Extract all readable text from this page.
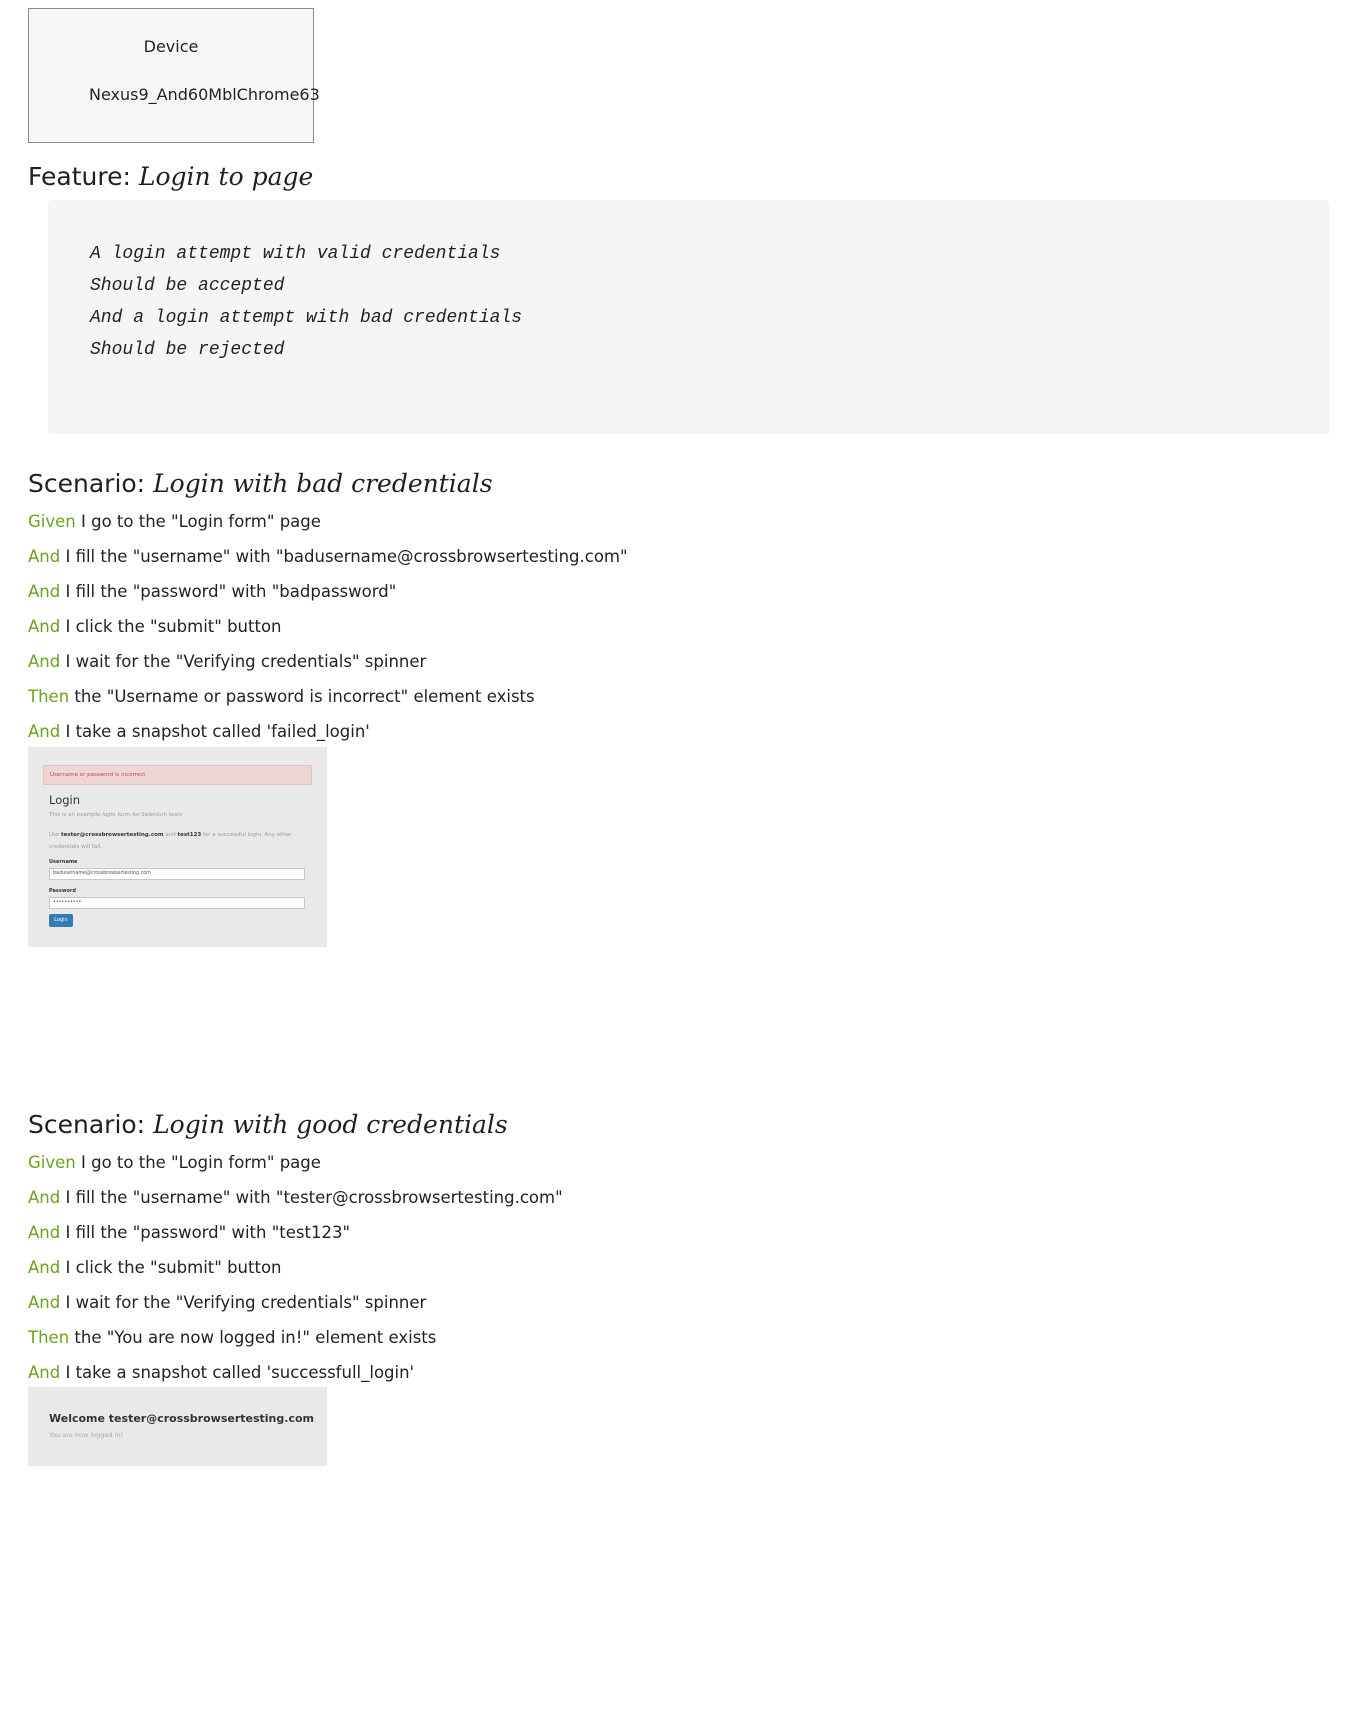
Device
Nexus9_And60MblChrome63
Feature: Login to page
A login attempt with valid credentials
Should be accepted
And a login attempt with bad credentials
Should be rejected
Scenario: Login with bad credentials
Given I go to the "Login form" page
And I fill the "username" with "badusername@crossbrowsertesting.com"
And I fill the "password" with "badpassword"
And I click the "submit" button
And I wait for the "Verifying credentials" spinner
Then the "Username or password is incorrect" element exists
And I take a snapshot called 'failed_login'
Username or password is incorrect
Login
This is an example login form for Selenium tests
Use tester@crossbrowsertesting.com and test123 for a successful login. Any other credentials will fail.
Username
badusername@crossbrowsertesting.com
Password
••••••••••
Login
Scenario: Login with good credentials
Given I go to the "Login form" page
And I fill the "username" with "tester@crossbrowsertesting.com"
And I fill the "password" with "test123"
And I click the "submit" button
And I wait for the "Verifying credentials" spinner
Then the "You are now logged in!" element exists
And I take a snapshot called 'successfull_login'
Welcome tester@crossbrowsertesting.com
You are now logged in!
